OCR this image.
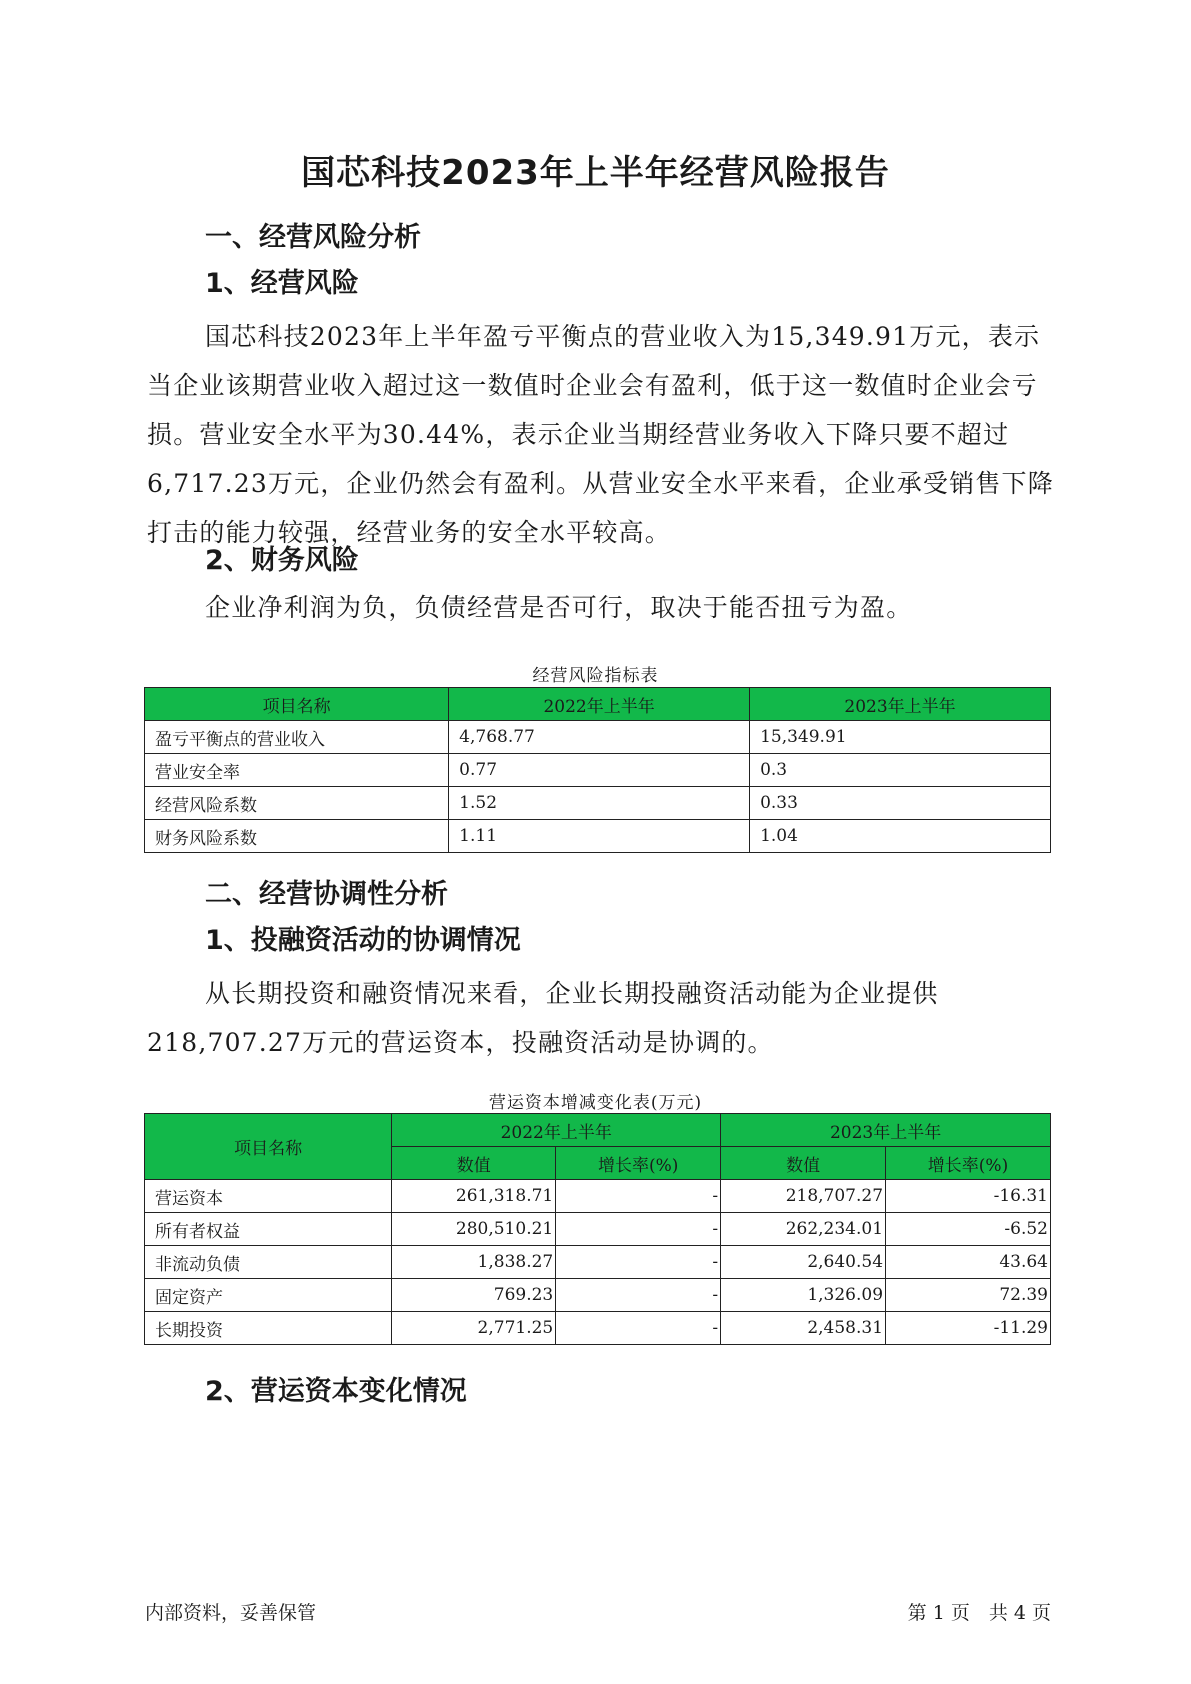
国芯科技2023年上半年经营风险报告
一、经营风险分析
1、经营风险

国芯科技2023年上半年盈亏平衡点的营业收入为15,349.91万元，表示当企业该期营业收入超过这一数值时企业会有盈利，低于这一数值时企业会亏损。营业安全水平为30.44%，表示企业当期经营业务收入下降只要不超过6,717.23万元，企业仍然会有盈利。从营业安全水平来看，企业承受销售下降打击的能力较强，经营业务的安全水平较高。

2、财务风险

企业净利润为负，负债经营是否可行，取决于能否扭亏为盈。

经营风险指标表
项目名称	2022年上半年	2023年上半年
盈亏平衡点的营业收入	4,768.77	15,349.91
营业安全率	0.77	0.3
经营风险系数	1.52	0.33
财务风险系数	1.11	1.04
二、经营协调性分析
1、投融资活动的协调情况

从长期投资和融资情况来看，企业长期投融资活动能为企业提供218,707.27万元的营运资本，投融资活动是协调的。

营运资本增减变化表(万元)
项目名称	2022年上半年		2023年上半年	
	数值	增长率(%)	数值	增长率(%)
营运资本	261,318.71	-	218,707.27	-16.31
所有者权益	280,510.21	-	262,234.01	-6.52
非流动负债	1,838.27	-	2,640.54	43.64
固定资产	769.23	-	1,326.09	72.39
长期投资	2,771.25	-	2,458.31	-11.29
2、营运资本变化情况
内部资料，妥善保管	第 1 页　共 4 页
